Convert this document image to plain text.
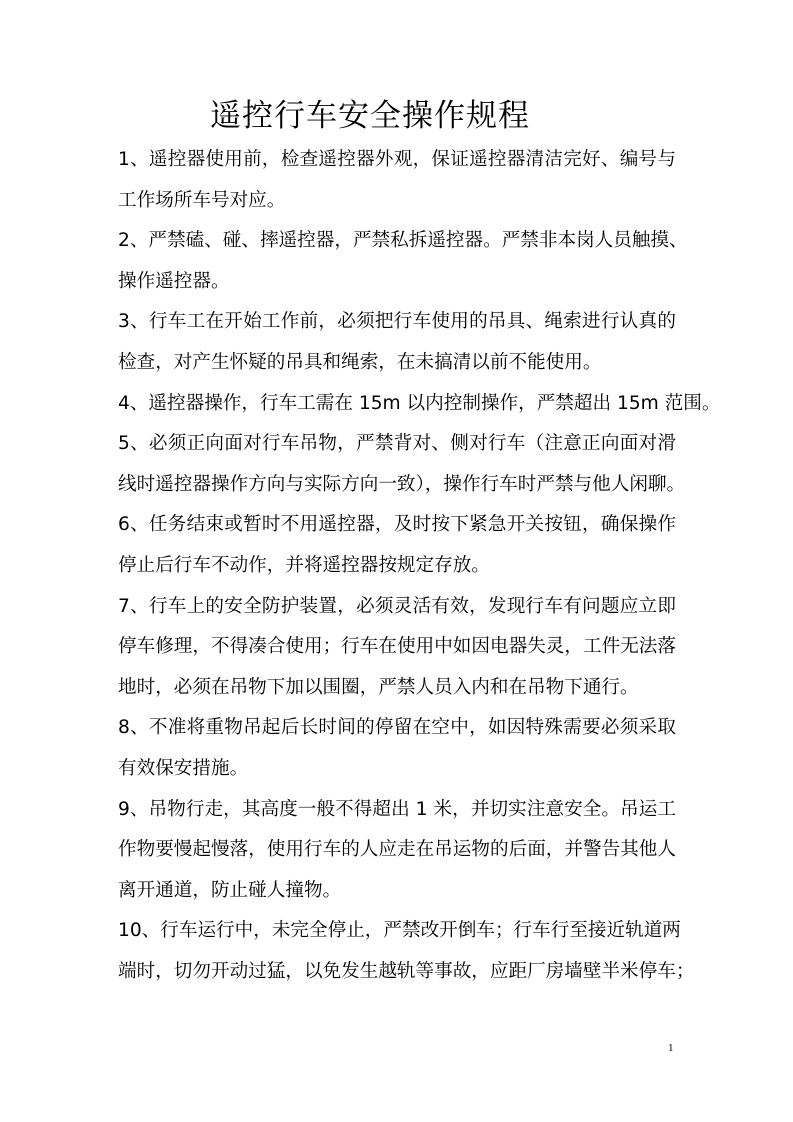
遥控行车安全操作规程
1、遥控器使用前，检查遥控器外观，保证遥控器清洁完好、编号与
工作场所车号对应。
2、严禁磕、碰、摔遥控器，严禁私拆遥控器。严禁非本岗人员触摸、
操作遥控器。
3、行车工在开始工作前，必须把行车使用的吊具、绳索进行认真的
检查，对产生怀疑的吊具和绳索，在未搞清以前不能使用。
4、遥控器操作，行车工需在 15m 以内控制操作，严禁超出 15m 范围。
5、必须正向面对行车吊物，严禁背对、侧对行车（注意正向面对滑
线时遥控器操作方向与实际方向一致），操作行车时严禁与他人闲聊。
6、任务结束或暂时不用遥控器，及时按下紧急开关按钮，确保操作
停止后行车不动作，并将遥控器按规定存放。
7、行车上的安全防护装置，必须灵活有效，发现行车有问题应立即
停车修理，不得凑合使用；行车在使用中如因电器失灵，工件无法落
地时，必须在吊物下加以围圈，严禁人员入内和在吊物下通行。
8、不准将重物吊起后长时间的停留在空中，如因特殊需要必须采取
有效保安措施。
9、吊物行走，其高度一般不得超出 1 米，并切实注意安全。吊运工
作物要慢起慢落，使用行车的人应走在吊运物的后面，并警告其他人
离开通道，防止碰人撞物。
10、行车运行中，未完全停止，严禁改开倒车；行车行至接近轨道两
端时，切勿开动过猛，以免发生越轨等事故，应距厂房墙壁半米停车；
1
